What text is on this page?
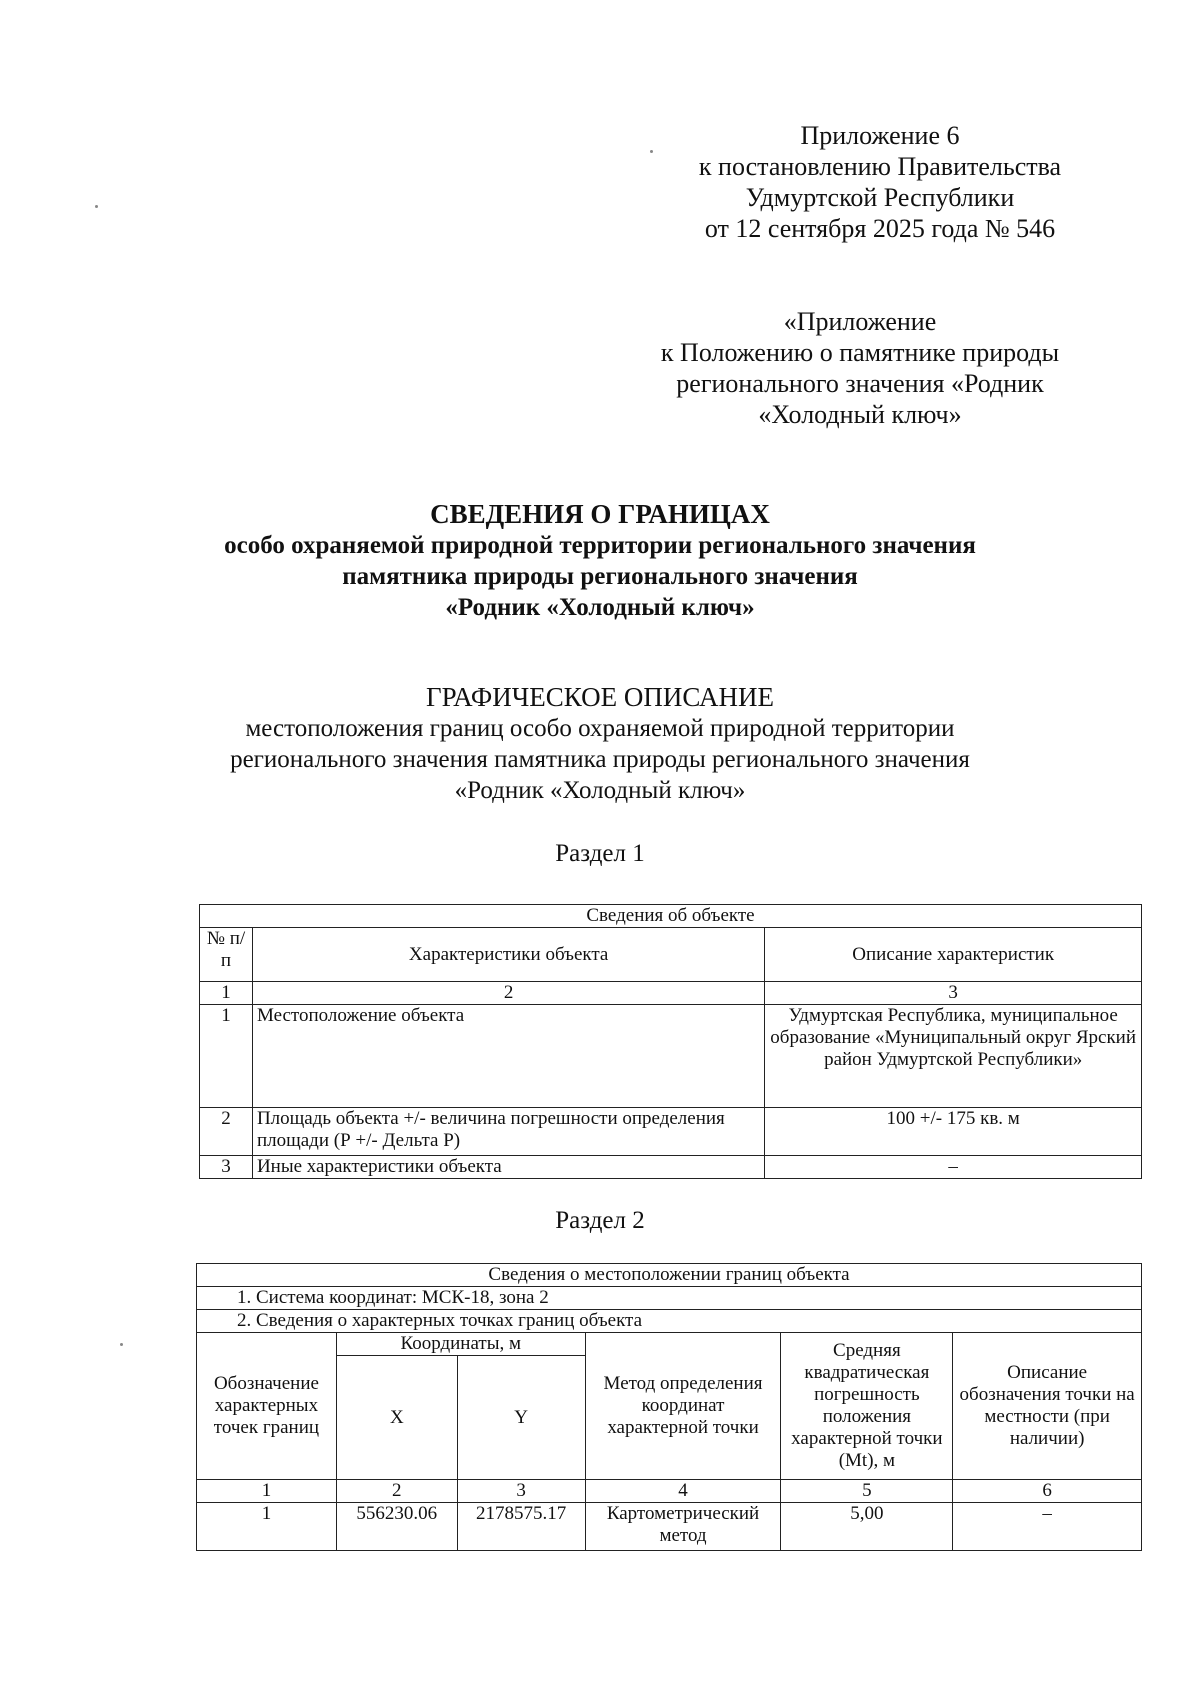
Приложение 6
к постановлению Правительства
Удмуртской Республики
от 12 сентября 2025 года № 546
«Приложение
к Положению о памятнике природы
регионального значения «Родник
«Холодный ключ»
СВЕДЕНИЯ О ГРАНИЦАХ
особо охраняемой природной территории регионального значения
памятника природы регионального значения
«Родник «Холодный ключ»
ГРАФИЧЕСКОЕ ОПИСАНИЕ
местоположения границ особо охраняемой природной территории
регионального значения памятника природы регионального значения
«Родник «Холодный ключ»
Раздел 1
Сведения об объекте		
№ п/п	Характеристики объекта	Описание характеристик
1	2	3
1	Местоположение объекта	Удмуртская Республика, муниципальное образование «Муниципальный округ Ярский район Удмуртской Республики»
2	Площадь объекта +/- величина погрешности определения площади (Р +/- Дельта Р)	100 +/- 175 кв. м
3	Иные характеристики объекта	–
Раздел 2
Сведения о местоположении границ объекта					
1. Система координат: МСК-18, зона 2					
2. Сведения о характерных точках границ объекта					
Обозначение характерных точек границ	Координаты, м		Метод определения координат характерной точки	Средняя квадратическая погрешность положения характерной точки (Mt), м	Описание обозначения точки на местности (при наличии)
	X	Y			
1	2	3	4	5	6
1	556230.06	2178575.17	Картометрический метод	5,00	–
